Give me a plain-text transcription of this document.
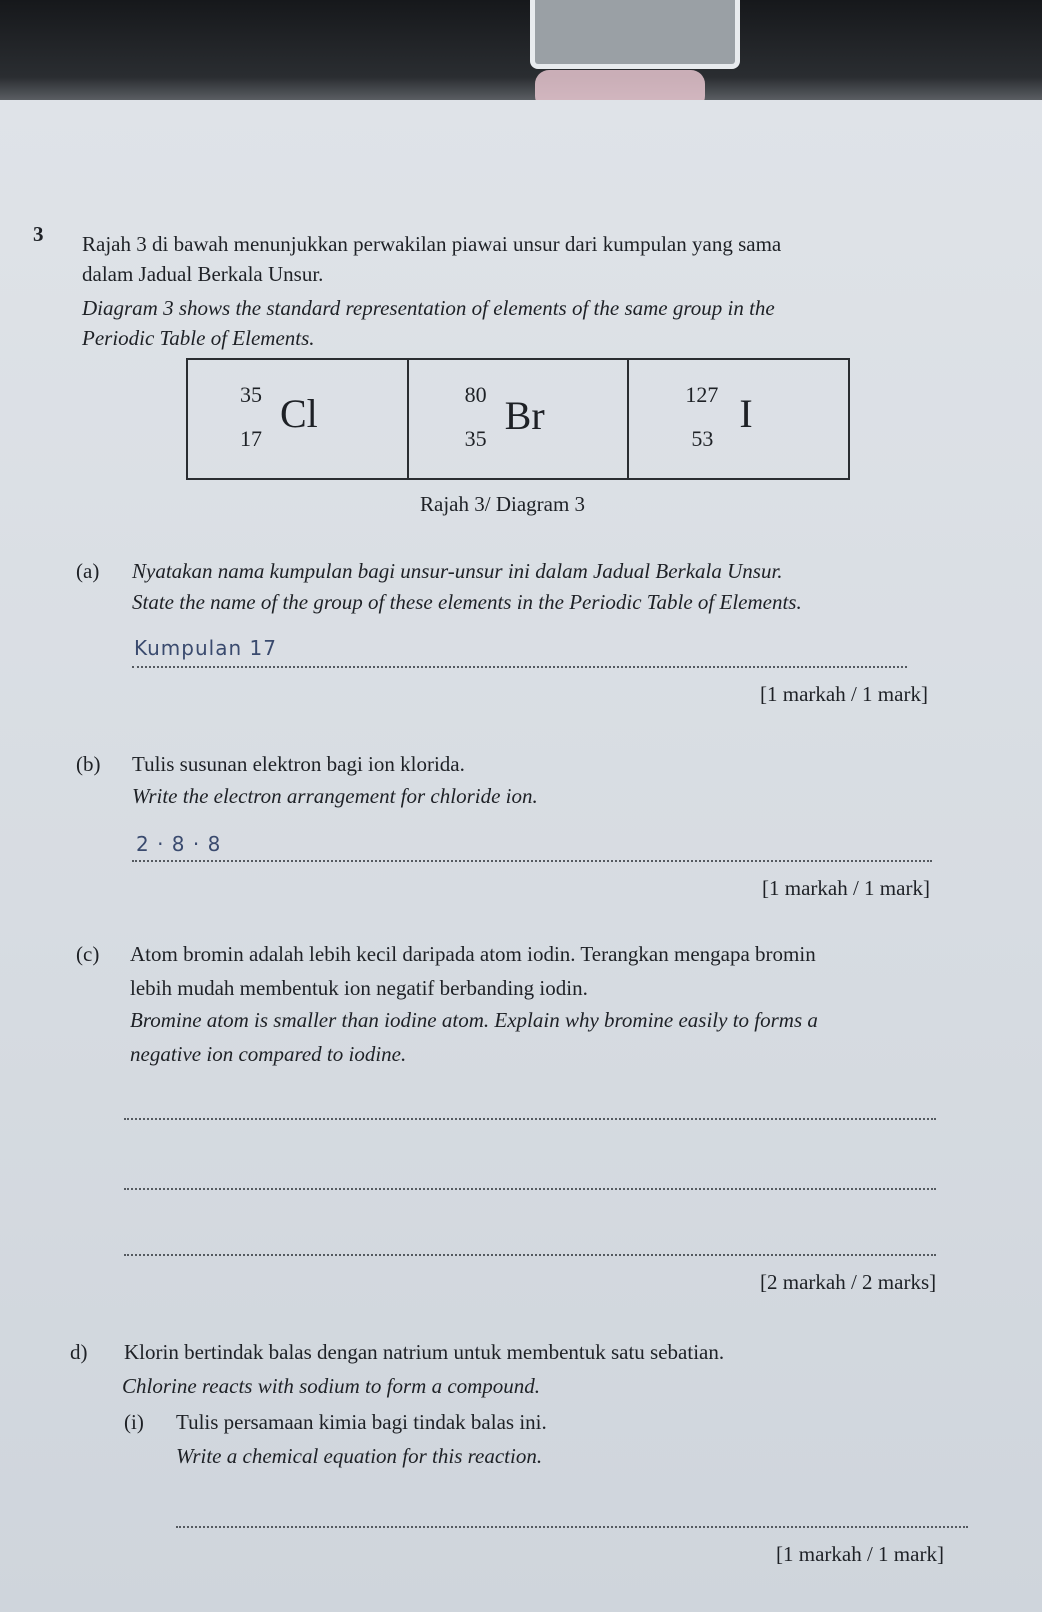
3 Rajah 3 di bawah menunjukkan perwakilan piawai unsur dari kumpulan yang sama
dalam Jadual Berkala Unsur.
Diagram 3 shows the standard representation of elements of the same group in the
Periodic Table of Elements.
35
17
Cl	80
35
Br	127
53
I
Rajah 3/ Diagram 3
(a) Nyatakan nama kumpulan bagi unsur-unsur ini dalam Jadual Berkala Unsur.
State the name of the group of these elements in the Periodic Table of Elements.
Kumpulan 17
[1 markah / 1 mark]
(b) Tulis susunan elektron bagi ion klorida.
Write the electron arrangement for chloride ion.
2 · 8 · 8
[1 markah / 1 mark]
(c) Atom bromin adalah lebih kecil daripada atom iodin. Terangkan mengapa bromin
lebih mudah membentuk ion negatif berbanding iodin.
Bromine atom is smaller than iodine atom. Explain why bromine easily to forms a
negative ion compared to iodine.
[2 markah / 2 marks]
d) Klorin bertindak balas dengan natrium untuk membentuk satu sebatian.
Chlorine reacts with sodium to form a compound.
(i) Tulis persamaan kimia bagi tindak balas ini.
Write a chemical equation for this reaction.
[1 markah / 1 mark]
